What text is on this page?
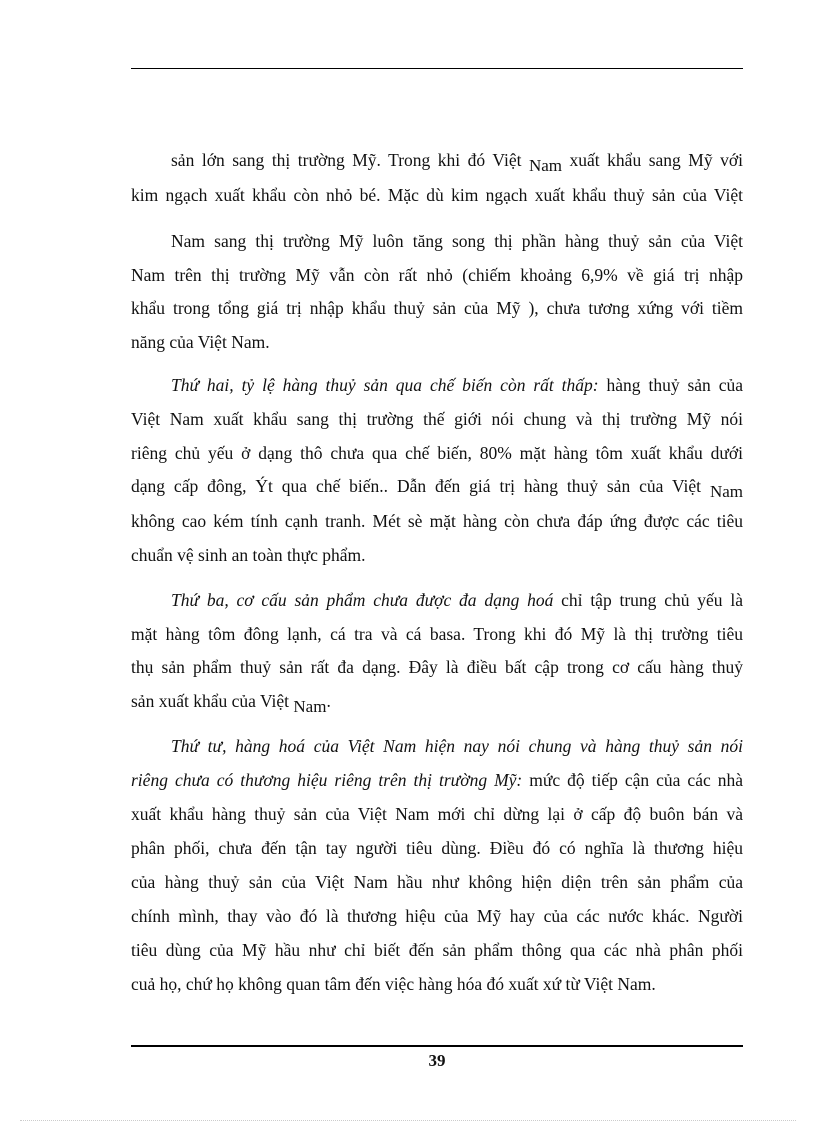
sản lớn sang thị trường Mỹ. Trong khi đó Việt Nam xuất khẩu sang Mỹ với
kim ngạch xuất khẩu còn nhỏ bé. Mặc dù kim ngạch xuất khẩu thuỷ sản của Việt
Nam sang thị trường Mỹ luôn tăng song thị phần hàng thuỷ sản của Việt
Nam trên thị trường Mỹ vẫn còn rất nhỏ (chiếm khoảng 6,9% về giá trị nhập
khẩu trong tổng giá trị nhập khẩu thuỷ sản của Mỹ ), chưa tương xứng với tiềm
năng của Việt Nam.
Thứ hai, tỷ lệ hàng thuỷ sản qua chế biến còn rất thấp: hàng thuỷ sản của
Việt Nam xuất khẩu sang thị trường thế giới nói chung và thị trường Mỹ nói
riêng chủ yếu ở dạng thô chưa qua chế biến, 80% mặt hàng tôm xuất khẩu dưới
dạng cấp đông, Ýt qua chế biến.. Dẫn đến giá trị hàng thuỷ sản của Việt Nam
không cao kém tính cạnh tranh. Mét sè mặt hàng còn chưa đáp ứng được các tiêu
chuẩn vệ sinh an toàn thực phẩm.
Thứ ba, cơ cấu sản phẩm chưa được đa dạng hoá chỉ tập trung chủ yếu là
mặt hàng tôm đông lạnh, cá tra và cá basa. Trong khi đó Mỹ là thị trường tiêu
thụ sản phẩm thuỷ sản rất đa dạng. Đây là điều bất cập trong cơ cấu hàng thuỷ
sản xuất khẩu của Việt Nam.
Thứ tư, hàng hoá của Việt Nam hiện nay nói chung và hàng thuỷ sản nói
riêng chưa có thương hiệu riêng trên thị trường Mỹ: mức độ tiếp cận của các nhà
xuất khẩu hàng thuỷ sản của Việt Nam mới chỉ dừng lại ở cấp độ buôn bán và
phân phối, chưa đến tận tay người tiêu dùng. Điều đó có nghĩa là thương hiệu
của hàng thuỷ sản của Việt Nam hầu như không hiện diện trên sản phẩm của
chính mình, thay vào đó là thương hiệu của Mỹ hay của các nước khác. Người
tiêu dùng của Mỹ hầu như chỉ biết đến sản phẩm thông qua các nhà phân phối
cuả họ, chứ họ không quan tâm đến việc hàng hóa đó xuất xứ từ Việt Nam.
39
